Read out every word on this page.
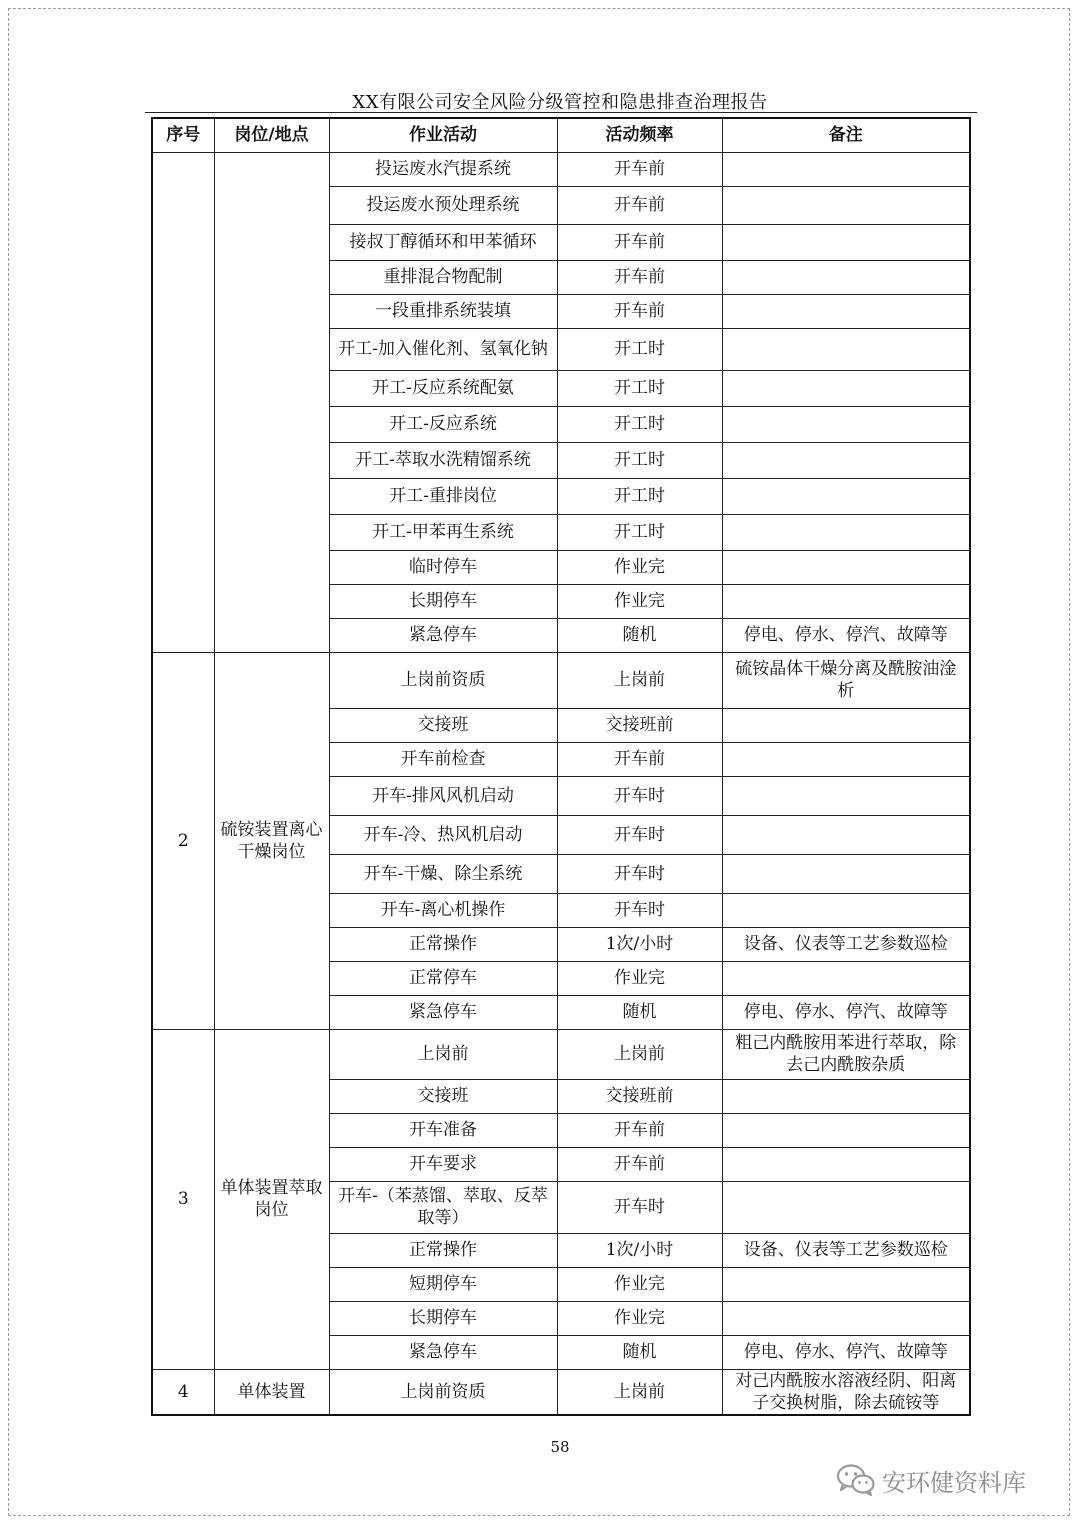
XX有限公司安全风险分级管控和隐患排查治理报告
序号	岗位/地点	作业活动	活动频率	备注
		投运废水汽提系统	开车前	
		投运废水预处理系统	开车前	
		接叔丁醇循环和甲苯循环	开车前	
		重排混合物配制	开车前	
		一段重排系统装填	开车前	
		开工-加入催化剂、氢氧化钠	开工时	
		开工-反应系统配氨	开工时	
		开工-反应系统	开工时	
		开工-萃取水洗精馏系统	开工时	
		开工-重排岗位	开工时	
		开工-甲苯再生系统	开工时	
		临时停车	作业完	
		长期停车	作业完	
		紧急停车	随机	停电、停水、停汽、故障等
2	硫铵装置离心干燥岗位	上岗前资质	上岗前	硫铵晶体干燥分离及酰胺油淦析
		交接班	交接班前	
		开车前检查	开车前	
		开车-排风风机启动	开车时	
		开车-冷、热风机启动	开车时	
		开车-干燥、除尘系统	开车时	
		开车-离心机操作	开车时	
		正常操作	1次/小时	设备、仪表等工艺参数巡检
		正常停车	作业完	
		紧急停车	随机	停电、停水、停汽、故障等
3	单体装置萃取岗位	上岗前	上岗前	粗己内酰胺用苯进行萃取，除去己内酰胺杂质
		交接班	交接班前	
		开车准备	开车前	
		开车要求	开车前	
		开车-（苯蒸馏、萃取、反萃取等）	开车时	
		正常操作	1次/小时	设备、仪表等工艺参数巡检
		短期停车	作业完	
		长期停车	作业完	
		紧急停车	随机	停电、停水、停汽、故障等
4	单体装置	上岗前资质	上岗前	对己内酰胺水溶液经阴、阳离子交换树脂，除去硫铵等
58
安环健资料库
